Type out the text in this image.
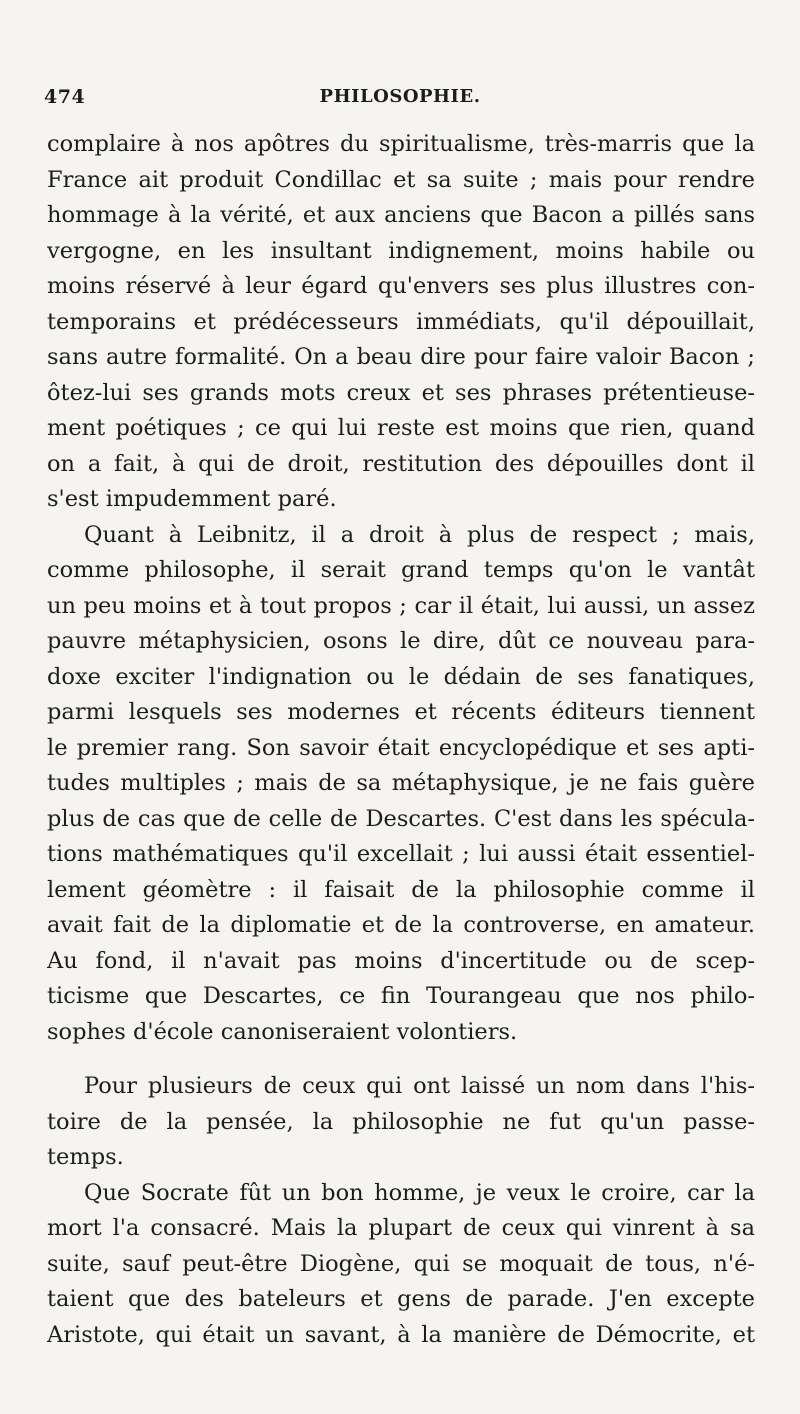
474	PHILOSOPHIE.
complaire à nos apôtres du spiritualisme, très-marris que la
France ait produit Condillac et sa suite ; mais pour rendre
hommage à la vérité, et aux anciens que Bacon a pillés sans
vergogne, en les insultant indignement, moins habile ou
moins réservé à leur égard qu'envers ses plus illustres con-
temporains et prédécesseurs immédiats, qu'il dépouillait,
sans autre formalité. On a beau dire pour faire valoir Bacon ;
ôtez-lui ses grands mots creux et ses phrases prétentieuse-
ment poétiques ; ce qui lui reste est moins que rien, quand
on a fait, à qui de droit, restitution des dépouilles dont il
s'est impudemment paré.
Quant à Leibnitz, il a droit à plus de respect ; mais,
comme philosophe, il serait grand temps qu'on le vantât
un peu moins et à tout propos ; car il était, lui aussi, un assez
pauvre métaphysicien, osons le dire, dût ce nouveau para-
doxe exciter l'indignation ou le dédain de ses fanatiques,
parmi lesquels ses modernes et récents éditeurs tiennent
le premier rang. Son savoir était encyclopédique et ses apti-
tudes multiples ; mais de sa métaphysique, je ne fais guère
plus de cas que de celle de Descartes. C'est dans les spécula-
tions mathématiques qu'il excellait ; lui aussi était essentiel-
lement géomètre : il faisait de la philosophie comme il
avait fait de la diplomatie et de la controverse, en amateur.
Au fond, il n'avait pas moins d'incertitude ou de scep-
ticisme que Descartes, ce fin Tourangeau que nos philo-
sophes d'école canoniseraient volontiers.
Pour plusieurs de ceux qui ont laissé un nom dans l'his-
toire de la pensée, la philosophie ne fut qu'un passe-
temps.
Que Socrate fût un bon homme, je veux le croire, car la
mort l'a consacré. Mais la plupart de ceux qui vinrent à sa
suite, sauf peut-être Diogène, qui se moquait de tous, n'é-
taient que des bateleurs et gens de parade. J'en excepte
Aristote, qui était un savant, à la manière de Démocrite, et
